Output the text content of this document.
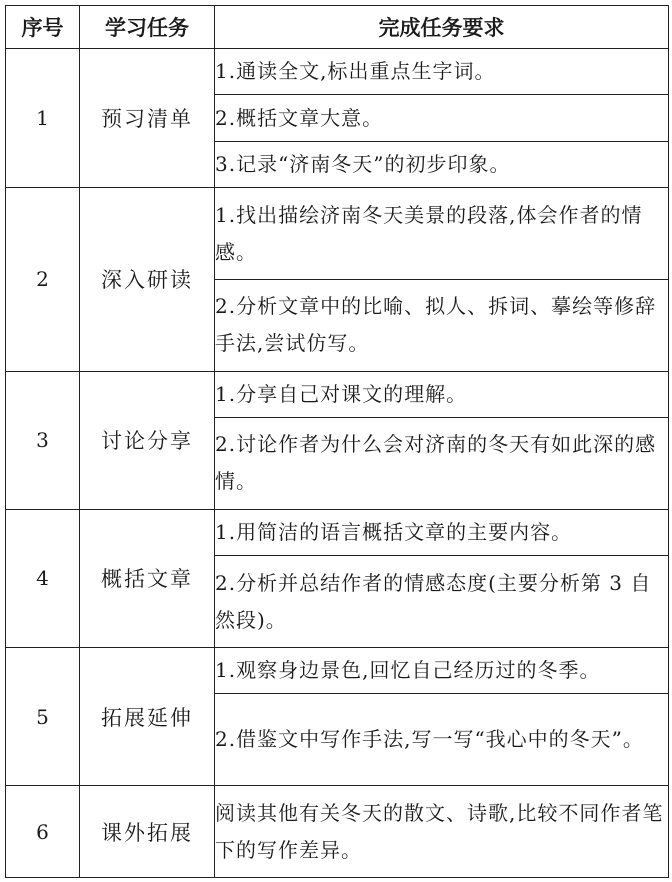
序号	学习任务	完成任务要求
1	预习清单	1.通读全文,标出重点生字词。
		2.概括文章大意。
		3.记录“济南冬天”的初步印象。
2	深入研读	1.找出描绘济南冬天美景的段落,体会作者的情感。
		2.分析文章中的比喻、拟人、拆词、摹绘等修辞手法,尝试仿写。
3	讨论分享	1.分享自己对课文的理解。
		2.讨论作者为什么会对济南的冬天有如此深的感情。
4	概括文章	1.用简洁的语言概括文章的主要内容。
		2.分析并总结作者的情感态度(主要分析第 3 自然段)。
5	拓展延伸	1.观察身边景色,回忆自己经历过的冬季。
		2.借鉴文中写作手法,写一写“我心中的冬天”。
6	课外拓展	阅读其他有关冬天的散文、诗歌,比较不同作者笔下的写作差异。
